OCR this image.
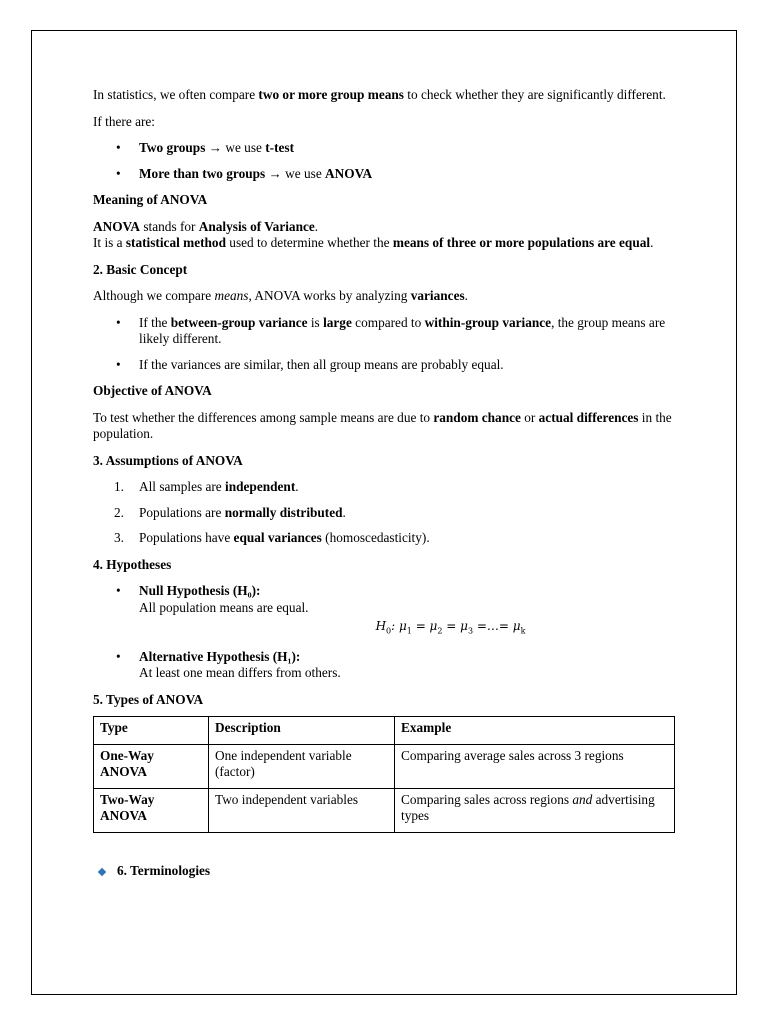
In statistics, we often compare two or more group means to check whether they are significantly different.

If there are:

• Two groups → we use t-test
• More than two groups → we use ANOVA
Meaning of ANOVA

ANOVA stands for Analysis of Variance.
It is a statistical method used to determine whether the means of three or more populations are equal.

2. Basic Concept

Although we compare means, ANOVA works by analyzing variances.

• If the between-group variance is large compared to within-group variance, the group means are likely different.
• If the variances are similar, then all group means are probably equal.
Objective of ANOVA

To test whether the differences among sample means are due to random chance or actual differences in the population.

3. Assumptions of ANOVA
1. All samples are independent.
2. Populations are normally distributed.
3. Populations have equal variances (homoscedasticity).
4. Hypotheses
• Null Hypothesis (H₀):
All population means are equal.
$H_0$: $\mu_1 = \mu_2 = \mu_3$ =…= $\mu_k$
• Alternative Hypothesis (H₁):
At least one mean differs from others.
5. Types of ANOVA
Type	Description	Example
One-Way ANOVA	One independent variable (factor)	Comparing average sales across 3 regions
Two-Way ANOVA	Two independent variables	Comparing sales across regions and advertising types
6. Terminologies
